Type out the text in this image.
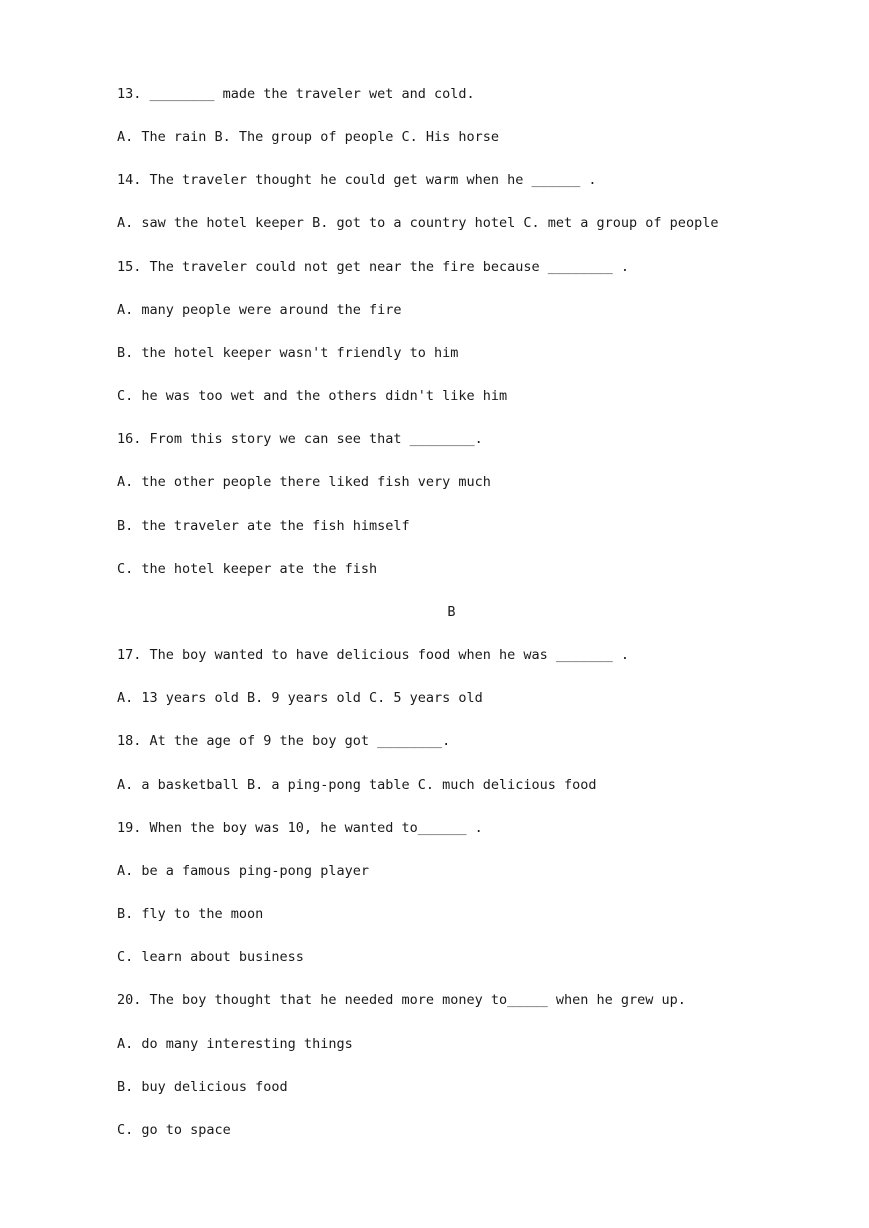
13. ________ made the traveler wet and cold.
A. The rain B. The group of people C. His horse
14. The traveler thought he could get warm when he ______ .
A. saw the hotel keeper B. got to a country hotel C. met a group of people
15. The traveler could not get near the fire because ________ .
A. many people were around the fire
B. the hotel keeper wasn't friendly to him
C. he was too wet and the others didn't like him
16. From this story we can see that ________.
A. the other people there liked fish very much
B. the traveler ate the fish himself
C. the hotel keeper ate the fish
B
17. The boy wanted to have delicious food when he was _______ .
A. 13 years old B. 9 years old C. 5 years old
18. At the age of 9 the boy got ________.
A. a basketball B. a ping-pong table C. much delicious food
19. When the boy was 10, he wanted to______ .
A. be a famous ping-pong player
B. fly to the moon
C. learn about business
20. The boy thought that he needed more money to_____ when he grew up.
A. do many interesting things
B. buy delicious food
C. go to space
